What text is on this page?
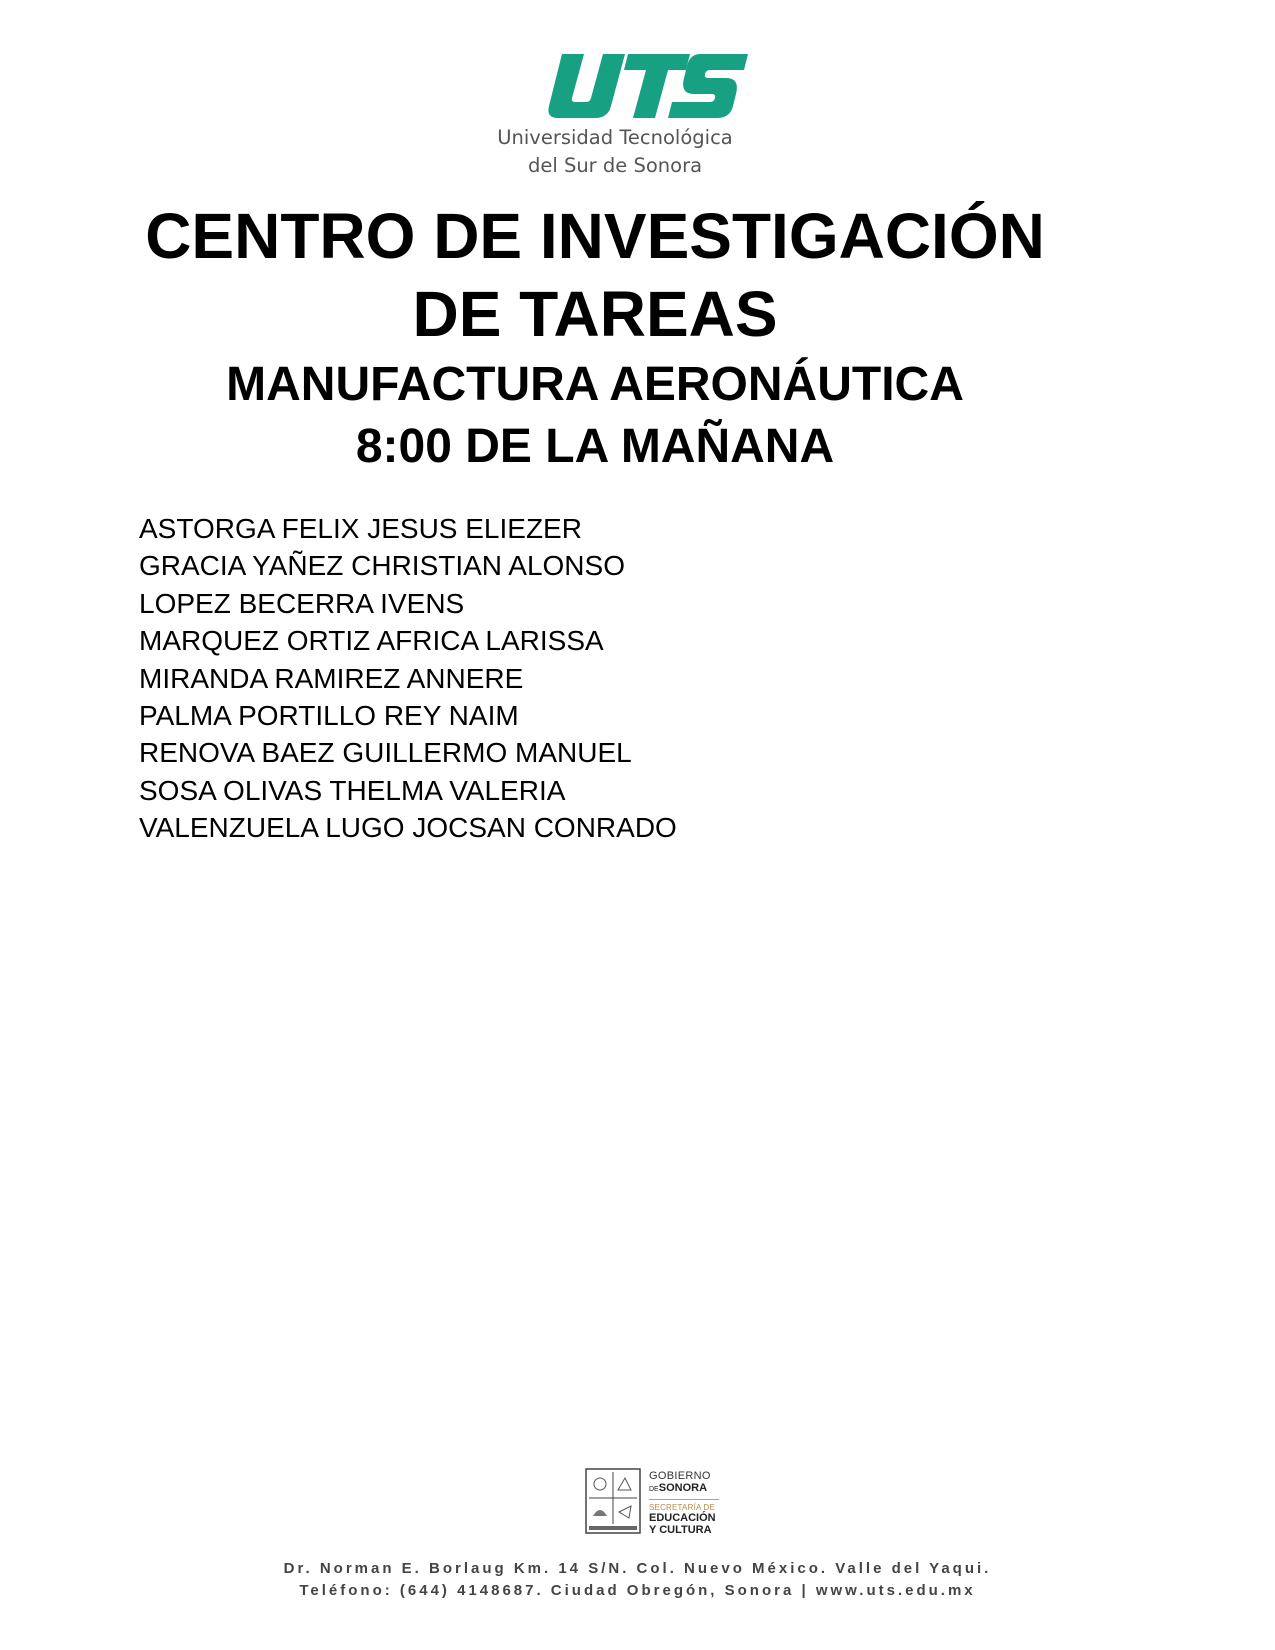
Universidad Tecnológica
del Sur de Sonora
CENTRO DE INVESTIGACIÓN
DE TAREAS
MANUFACTURA AERONÁUTICA
8:00 DE LA MAÑANA
ASTORGA FELIX JESUS ELIEZER
GRACIA YAÑEZ CHRISTIAN ALONSO
LOPEZ BECERRA IVENS
MARQUEZ ORTIZ AFRICA LARISSA
MIRANDA RAMIREZ ANNERE
PALMA PORTILLO REY NAIM
RENOVA BAEZ GUILLERMO MANUEL
SOSA OLIVAS THELMA VALERIA
VALENZUELA LUGO JOCSAN CONRADO
GOBIERNO
DESONORA
SECRETARÍA DE
EDUCACIÓN
Y CULTURA
Dr. Norman E. Borlaug Km. 14 S/N. Col. Nuevo México. Valle del Yaqui.
Teléfono: (644) 4148687. Ciudad Obregón, Sonora | www.uts.edu.mx
